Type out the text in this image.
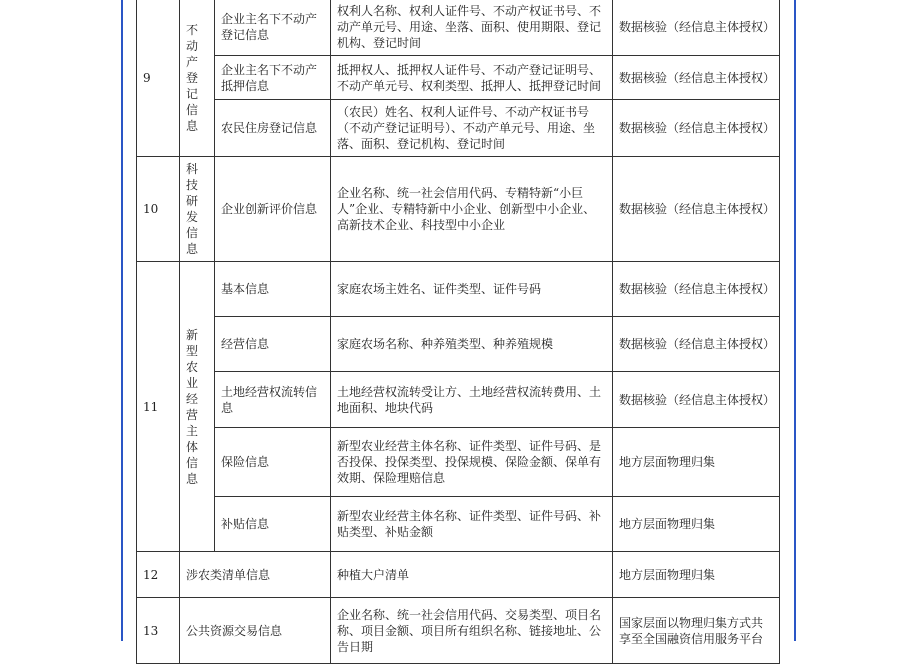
9	不动产登记信息	企业主名下不动产登记信息	权利人名称、权利人证件号、不动产权证书号、不动产单元号、用途、坐落、面积、使用期限、登记机构、登记时间	数据核验（经信息主体授权）
		企业主名下不动产抵押信息	抵押权人、抵押权人证件号、不动产登记证明号、不动产单元号、权利类型、抵押人、抵押登记时间	数据核验（经信息主体授权）
		农民住房登记信息	（农民）姓名、权利人证件号、不动产权证书号（不动产登记证明号）、不动产单元号、用途、坐落、面积、登记机构、登记时间	数据核验（经信息主体授权）
10	科技研发信息	企业创新评价信息	企业名称、统一社会信用代码、专精特新“小巨人”企业、专精特新中小企业、创新型中小企业、高新技术企业、科技型中小企业	数据核验（经信息主体授权）
11	新型农业经营主体信息	基本信息	家庭农场主姓名、证件类型、证件号码	数据核验（经信息主体授权）
		经营信息	家庭农场名称、种养殖类型、种养殖规模	数据核验（经信息主体授权）
		土地经营权流转信息	土地经营权流转受让方、土地经营权流转费用、土地面积、地块代码	数据核验（经信息主体授权）
		保险信息	新型农业经营主体名称、证件类型、证件号码、是否投保、投保类型、投保规模、保险金额、保单有效期、保险理赔信息	地方层面物理归集
		补贴信息	新型农业经营主体名称、证件类型、证件号码、补贴类型、补贴金额	地方层面物理归集
12	涉农类清单信息		种植大户清单	地方层面物理归集
13	公共资源交易信息		企业名称、统一社会信用代码、交易类型、项目名称、项目金额、项目所有组织名称、链接地址、公告日期	国家层面以物理归集方式共享至全国融资信用服务平台
